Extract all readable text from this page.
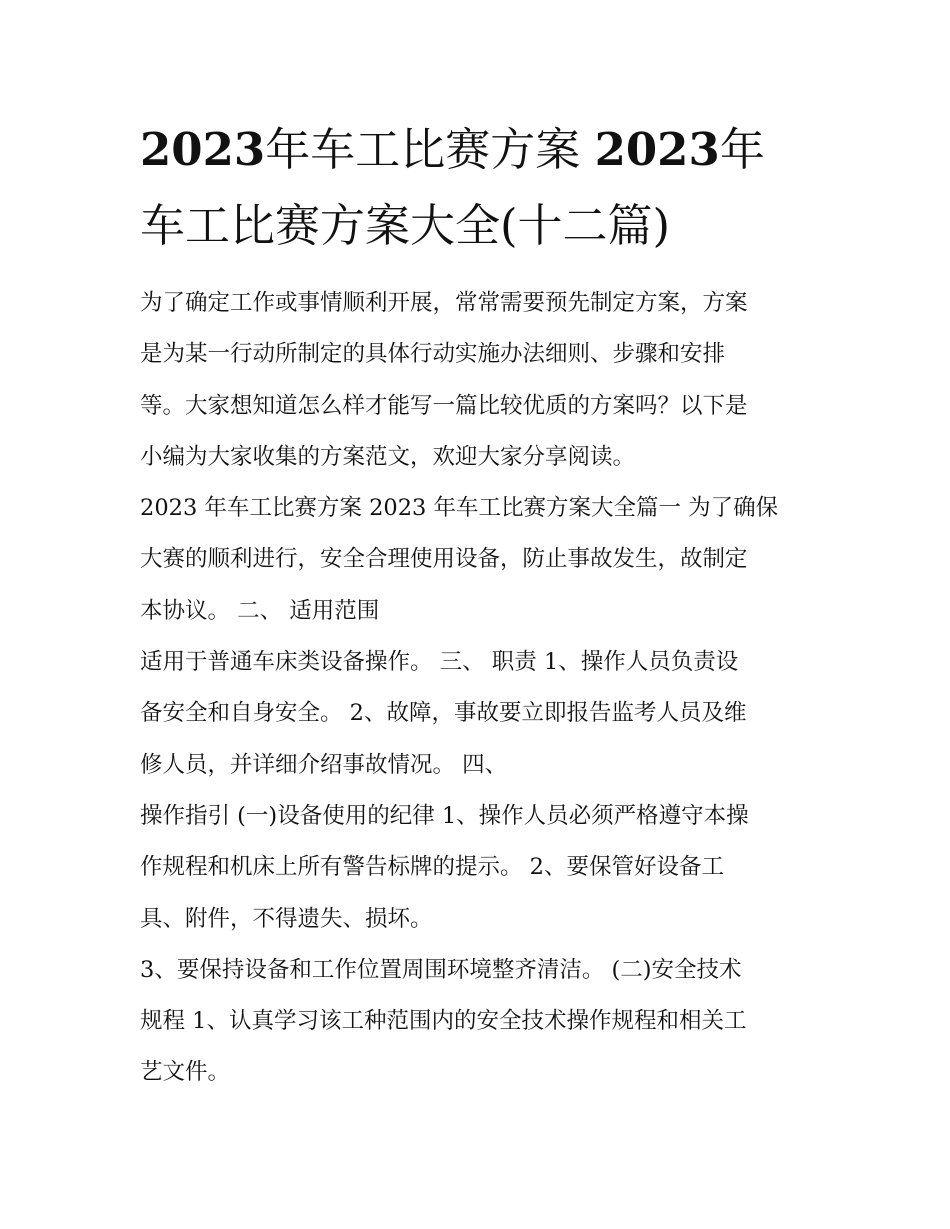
2023年车工比赛方案 2023年
车工比赛方案大全(十二篇)
为了确定工作或事情顺利开展，常常需要预先制定方案，方案
是为某一行动所制定的具体行动实施办法细则、步骤和安排
等。大家想知道怎么样才能写一篇比较优质的方案吗？以下是
小编为大家收集的方案范文，欢迎大家分享阅读。
2023 年车工比赛方案 2023 年车工比赛方案大全篇一 为了确保
大赛的顺利进行，安全合理使用设备，防止事故发生，故制定
本协议。 二、 适用范围
适用于普通车床类设备操作。 三、 职责 1、操作人员负责设
备安全和自身安全。 2、故障，事故要立即报告监考人员及维
修人员，并详细介绍事故情况。 四、
操作指引 (一)设备使用的纪律 1、操作人员必须严格遵守本操
作规程和机床上所有警告标牌的提示。 2、要保管好设备工
具、附件，不得遗失、损坏。
3、要保持设备和工作位置周围环境整齐清洁。 (二)安全技术
规程 1、认真学习该工种范围内的安全技术操作规程和相关工
艺文件。
